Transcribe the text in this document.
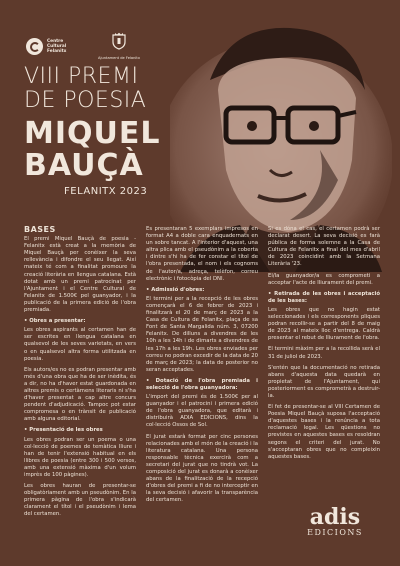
Centre Cultural Felanitx
Ajuntament de Felanitx
VIII PREMI
DE POESIA
MIQUEL
BAUÇÀ
FELANITX 2023
BASES

El premi Miquel Bauçà de poesia - Felanitx està creat a la memòria de Miquel Bauçà per conèixer la seva rellevància i difondre el seu llegat. Així mateix té com a finalitat promoure la creació literària en llengua catalana. Està dotat amb un premi patrocinat per l'Ajuntament i el Centre Cultural de Felanitx de 1.500€ pel guanyador, i la publicació de la primera edició de l'obra premiada.

• Obres a presentar:

Les obres aspirants al certamen han de ser escrites en llengua catalana en qualsevol de les seves varietats, en vers o en qualsevol altra forma utilitzada en poesia.

Els autors/es no es podran presentar amb més d'una obra que ha de ser inèdita, és a dir, no ha d'haver estat guardonada en altres premis o certàmens literaris ni s'ha d'haver presentat a cap altre concurs pendent d'adjudicació. Tampoc pot estar compromesa o en trànsit de publicació amb alguna editorial.

• Presentació de les obres

Les obres podran ser un poema o una col·lecció de poemes de temàtica lliure i han de tenir l'extensió habitual en els llibres de poesia (entre 300 i 500 versos, amb una extensió màxima d'un volum imprès de 100 pàgines).

Les obres hauran de presentar-se obligatòriament amb un pseudònim. En la primera pàgina de l'obra s'indicarà clarament el títol i el pseudònim i lema del certamen.

Es presentaran 5 exemplars impresos en format A4 a doble cara enquadernats en un sobre tancat. A l'interior d'aquest, una altra plica amb el pseudònim a la coberta i dintre s'hi ha de fer constar el títol de l'obra presentada, el nom i els cognoms de l'autor/a, adreça, telèfon, correu electrònic i fotocòpia del DNI.

• Admissió d'obres:

El termini per a la recepció de les obres començarà el 6 de febrer de 2023 i finalitzarà el 20 de març de 2023 a la Casa de Cultura de Felanitx, plaça de sa Font de Santa Margalida núm. 3, 07200 Felanitx. De dilluns a divendres de les 10h a les 14h i de dimarts a divendres de les 17h a les 19h. Les obres enviades per correu no podran excedir de la data de 20 de març de 2023; la data de posterior no seran acceptades.

• Dotació de l'obra premiada i selecció de l'obra guanyadora:

L'import del premi és de 1.500€ per al guanyador i el patrocini i primera edició de l'obra guanyadora, que editarà i distribuirà ADIA EDICIONS, dins la col·lecció Ossos de Sol.

El jurat estarà format per cinc persones relacionades amb el món de la creació i la literatura catalana. Una persona responsable tècnica exercirà com a secretari del jurat que no tindrà vot. La composició del jurat es donarà a conèixer abans de la finalització de la recepció d'obres del premi a fi de no interceptir en la seva decisió i afavorir la transparència del certamen.

Si es dóna el cas, el certamen podrà ser declarat desert. La seva decisió es farà pública de forma solemne a la Casa de Cultura de Felanitx a final del mes d'abril de 2023 coincidint amb la Setmana Literària '23.

El/la guanyador/a es comprometi a acceptar l'acte de lliurament del premi.

• Retirada de les obres i acceptació de les bases:

Les obres que no hagin estat seleccionades i els corresponents pliques podran recollir-se a partir del 8 de maig de 2023 al mateix lloc d'entrega. Caldrà presentar el rebut de lliurament de l'obra.

El termini màxim per a la recollida serà el 31 de juliol de 2023.

S'entén que la documentació no retirada abans d'aquesta data quedarà en propietat de l'Ajuntament, qui posteriorment es comprometrà a destruir-la.

El fet de presentar-se al VIII Certamen de Poesia Miquel Bauçà suposa l'acceptació d'aquestes bases i la renúncia a tota reclamació legal. Les qüestions no previstes en aquestes bases es resoldran segons el criteri del jurat. No s'acceptaran obres que no compleixin aquestes bases.

adis
EDICIONS
